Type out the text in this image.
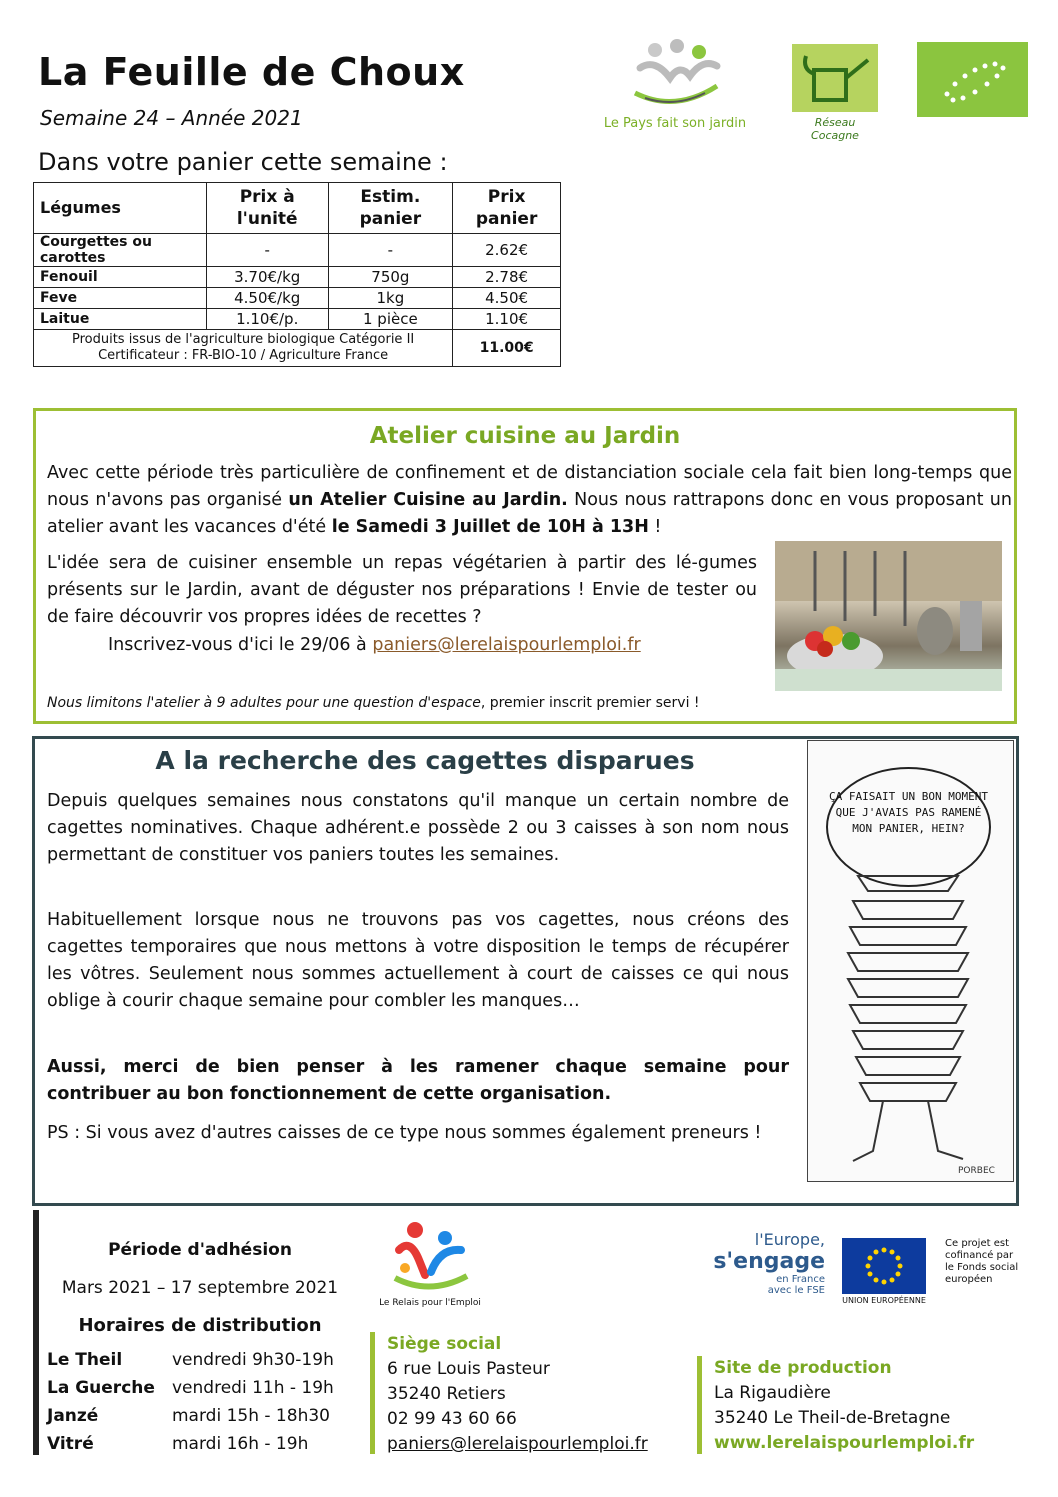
La Feuille de Choux
Semaine 24 – Année 2021
Dans votre panier cette semaine :
Le Pays fait son jardin	Réseau Cocagne
Légumes	Prix à l'unité	Estim. panier	Prix panier
Courgettes ou carottes	-	-	2.62€
Fenouil	3.70€/kg	750g	2.78€
Feve	4.50€/kg	1kg	4.50€
Laitue	1.10€/p.	1 pièce	1.10€

Produits issus de l'agriculture biologique Catégorie II
Certificateur : FR-BIO-10 / Agriculture France			11.00€
Atelier cuisine au Jardin
Avec cette période très particulière de confinement et de distanciation sociale cela fait bien long-temps que nous n'avons pas organisé un Atelier Cuisine au Jardin. Nous nous rattrapons donc en vous proposant un atelier avant les vacances d'été le Samedi 3 Juillet de 10H à 13H !
L'idée sera de cuisiner ensemble un repas végétarien à partir des lé-gumes présents sur le Jardin, avant de déguster nos préparations ! Envie de tester ou de faire découvrir vos propres idées de recettes ?
Inscrivez-vous d'ici le 29/06 à paniers@lerelaispourlemploi.fr
Nous limitons l'atelier à 9 adultes pour une question d'espace, premier inscrit premier servi !
A la recherche des cagettes disparues
Depuis quelques semaines nous constatons qu'il manque un certain nombre de cagettes nominatives. Chaque adhérent.e possède 2 ou 3 caisses à son nom nous permettant de constituer vos paniers toutes les semaines.
Habituellement lorsque nous ne trouvons pas vos cagettes, nous créons des cagettes temporaires que nous mettons à votre disposition le temps de récupérer les vôtres. Seulement nous sommes actuellement à court de caisses ce qui nous oblige à courir chaque semaine pour combler les manques…
Aussi, merci de bien penser à les ramener chaque semaine pour contribuer au bon fonctionnement de cette organisation.
PS : Si vous avez d'autres caisses de ce type nous sommes également preneurs !
ÇA FAISAIT UN BON MOMENT QUE J'AVAIS PAS RAMENÉ MON PANIER, HEIN?
PORBEC
Période d'adhésion
Mars 2021 – 17 septembre 2021
Horaires de distribution
Le Theil	vendredi 9h30-19h
La Guerche vendredi 11h - 19h
Janzé	mardi 15h - 18h30
Vitré	mardi 16h - 19h
Le Relais pour l'Emploi
Siège social
6 rue Louis Pasteur
35240 Retiers
02 99 43 60 66
paniers@lerelaispourlemploi.fr
Site de production
La Rigaudière
35240 Le Theil-de-Bretagne
www.lerelaispourlemploi.fr
l'Europe,
s'engage
en France
avec le FSE
UNION EUROPÉENNE
Ce projet est cofinancé par le Fonds social européen
